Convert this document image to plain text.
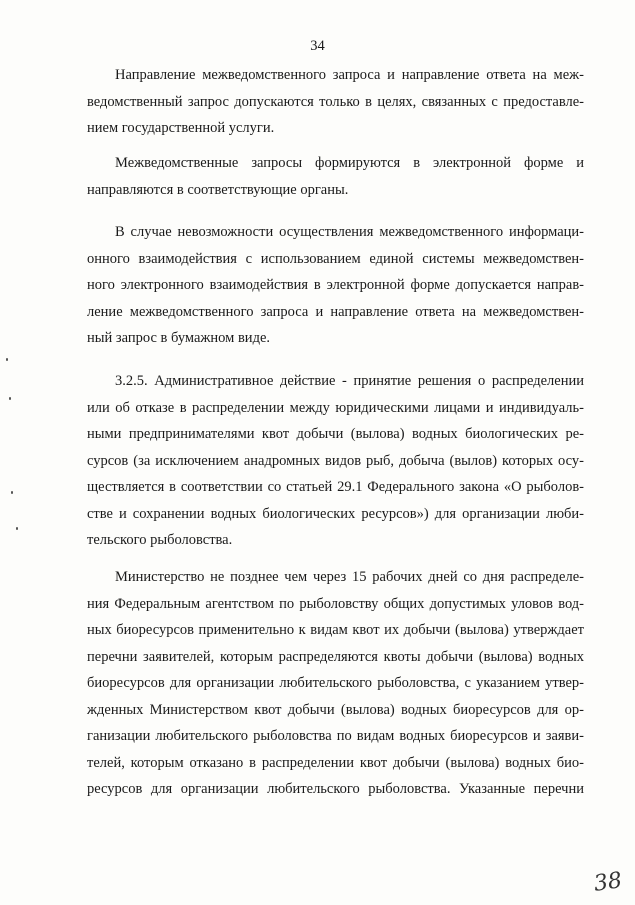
34
Направление межведомственного запроса и направление ответа на меж-
ведомственный запрос допускаются только в целях, связанных с предоставле-
нием государственной услуги.
Межведомственные запросы формируются в электронной форме и
направляются в соответствующие органы.
В случае невозможности осуществления межведомственного информаци-
онного взаимодействия с использованием единой системы межведомствен-
ного электронного взаимодействия в электронной форме допускается направ-
ление межведомственного запроса и направление ответа на межведомствен-
ный запрос в бумажном виде.
3.2.5. Административное действие - принятие решения о распределении
или об отказе в распределении между юридическими лицами и индивидуаль-
ными предпринимателями квот добычи (вылова) водных биологических ре-
сурсов (за исключением анадромных видов рыб, добыча (вылов) которых осу-
ществляется в соответствии со статьей 29.1 Федерального закона «О рыболов-
стве и сохранении водных биологических ресурсов») для организации люби-
тельского рыболовства.
Министерство не позднее чем через 15 рабочих дней со дня распределе-
ния Федеральным агентством по рыболовству общих допустимых уловов вод-
ных биоресурсов применительно к видам квот их добычи (вылова) утверждает
перечни заявителей, которым распределяются квоты добычи (вылова) водных
биоресурсов для организации любительского рыболовства, с указанием утвер-
жденных Министерством квот добычи (вылова) водных биоресурсов для ор-
ганизации любительского рыболовства по видам водных биоресурсов и заяви-
телей, которым отказано в распределении квот добычи (вылова) водных био-
ресурсов для организации любительского рыболовства. Указанные перечни
38
